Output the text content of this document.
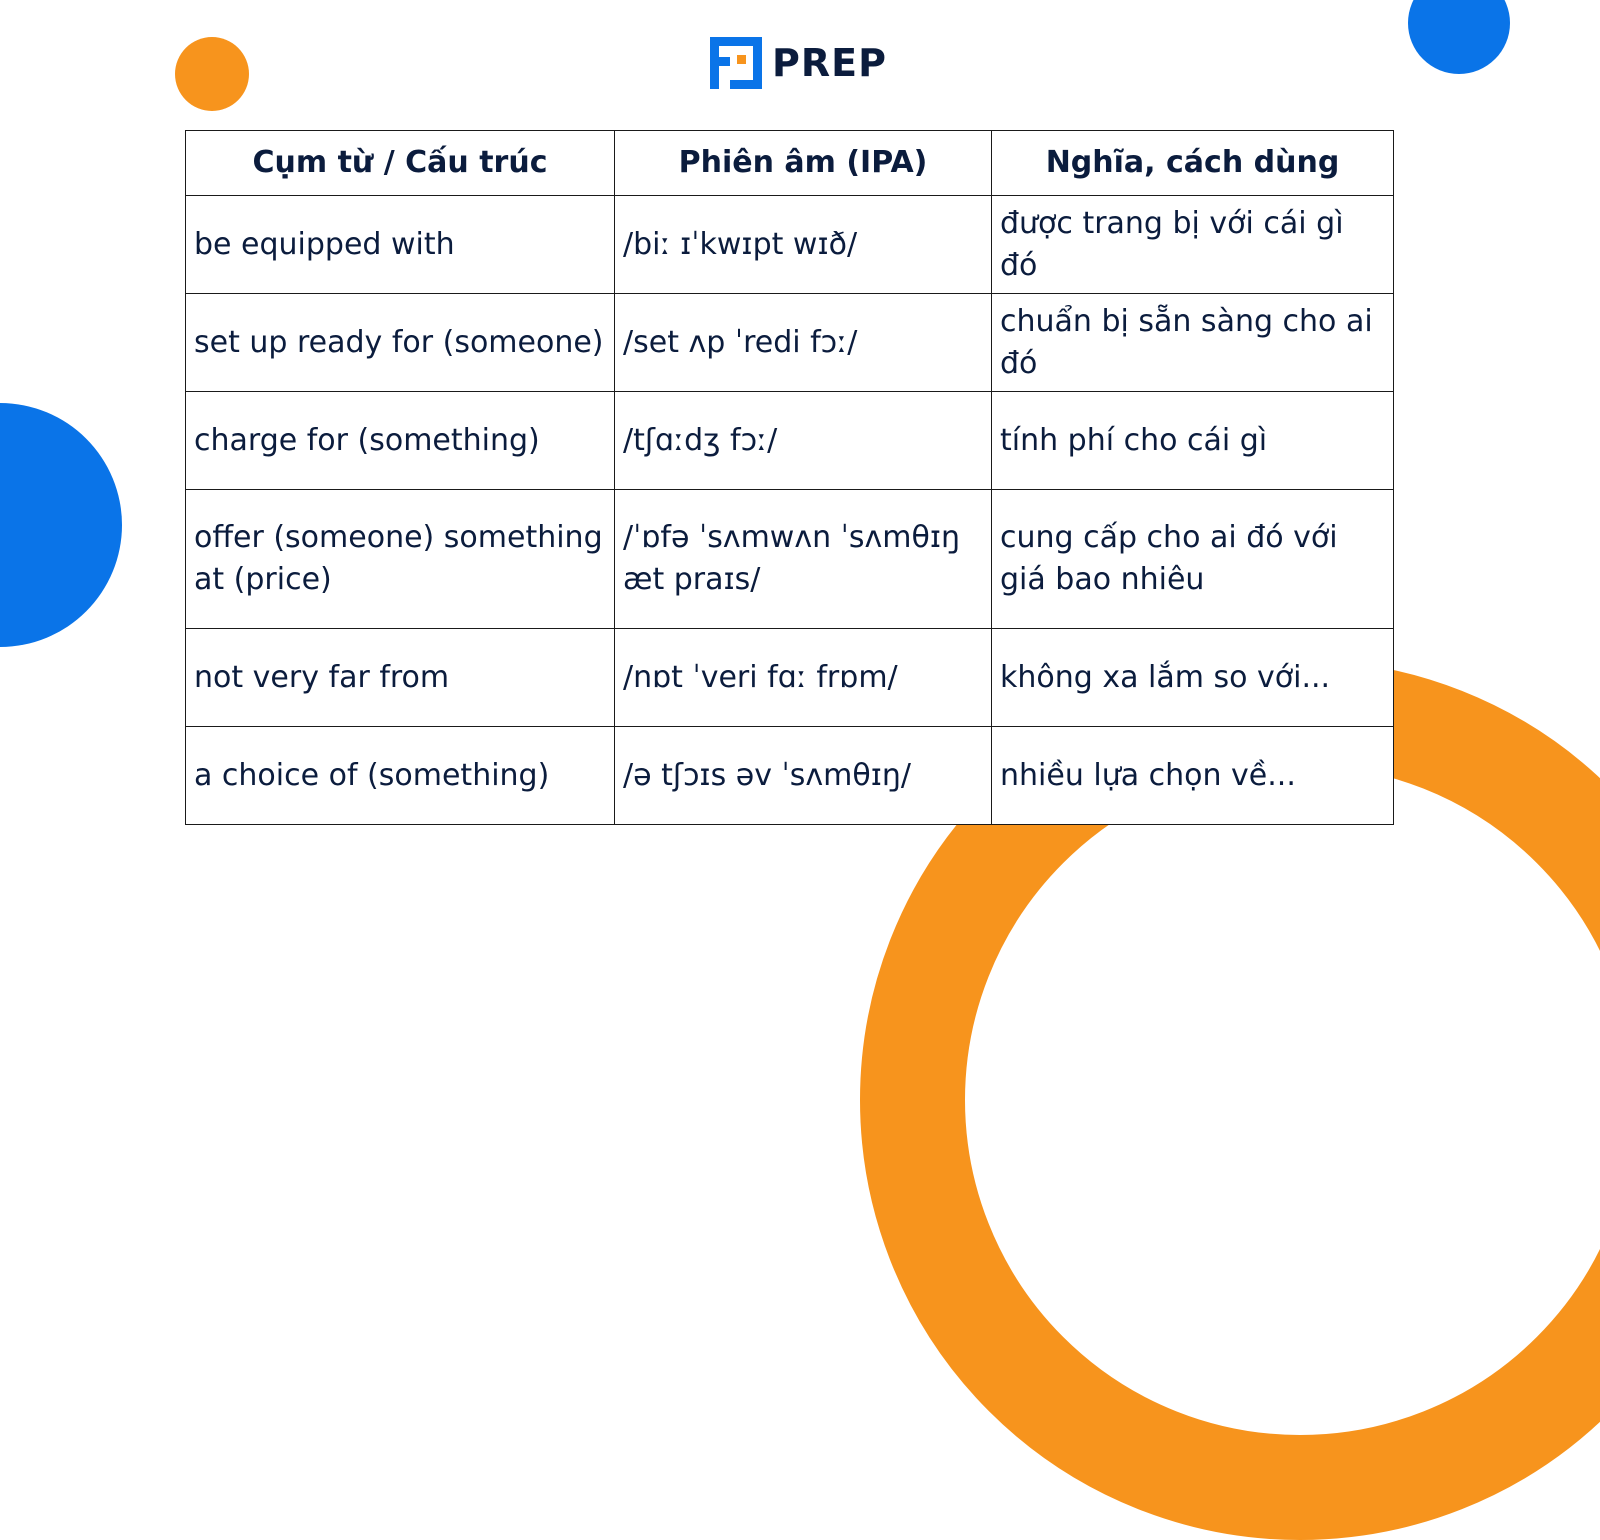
PREP
Cụm từ / Cấu trúc	Phiên âm (IPA)	Nghĩa, cách dùng
be equipped with	/biː ɪˈkwɪpt wɪð/	được trang bị với cái gì đó
set up ready for (someone)	/set ʌp ˈredi fɔː/	chuẩn bị sẵn sàng cho ai đó
charge for (something)	/tʃɑːdʒ fɔː/	tính phí cho cái gì
offer (someone) something at (price)	/ˈɒfə ˈsʌmwʌn ˈsʌmθɪŋ æt praɪs/	cung cấp cho ai đó với giá bao nhiêu
not very far from	/nɒt ˈveri fɑː frɒm/	không xa lắm so với...
a choice of (something)	/ə tʃɔɪs əv ˈsʌmθɪŋ/	nhiều lựa chọn về...
